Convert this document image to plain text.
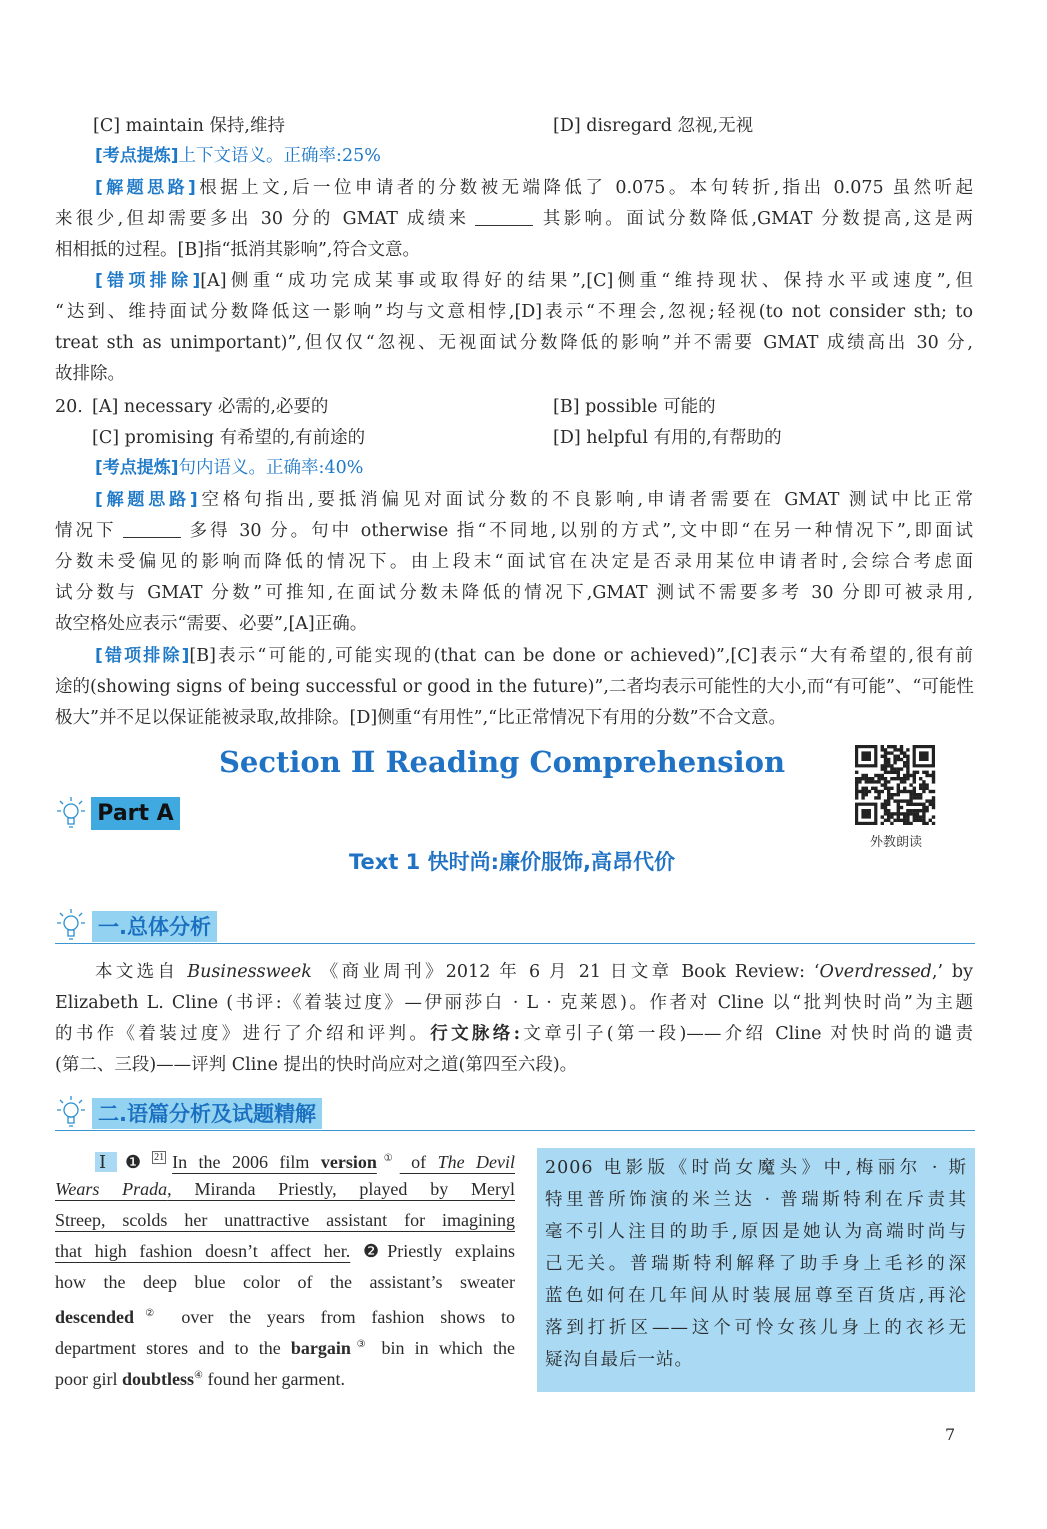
[C] maintain 保持,维持	[D] disregard 忽视,无视
[考点提炼]上下文语义。正确率:25%
[解题思路]根据上文,后一位申请者的分数被无端降低了 0.075。本句转折,指出 0.075 虽然听起
来很少,但却需要多出 30 分的 GMAT 成绩来	其影响。面试分数降低,GMAT 分数提高,这是两
相相抵的过程。[B]指“抵消其影响”,符合文意。
[错项排除][A]侧重“成功完成某事或取得好的结果”,[C]侧重“维持现状、保持水平或速度”,但
“达到、维持面试分数降低这一影响”均与文意相悖,[D]表示“不理会,忽视;轻视(to not consider sth; to
treat sth as unimportant)”,但仅仅“忽视、无视面试分数降低的影响”并不需要 GMAT 成绩高出 30 分,
故排除。
20. [A] necessary 必需的,必要的	[B] possible 可能的
[C] promising 有希望的,有前途的	[D] helpful 有用的,有帮助的
[考点提炼]句内语义。正确率:40%
[解题思路]空格句指出,要抵消偏见对面试分数的不良影响,申请者需要在 GMAT 测试中比正常
情况下	多得 30 分。句中 otherwise 指“不同地,以别的方式”,文中即“在另一种情况下”,即面试
分数未受偏见的影响而降低的情况下。由上段末“面试官在决定是否录用某位申请者时,会综合考虑面
试分数与 GMAT 分数”可推知,在面试分数未降低的情况下,GMAT 测试不需要多考 30 分即可被录用,
故空格处应表示“需要、必要”,[A]正确。
[错项排除][B]表示“可能的,可能实现的(that can be done or achieved)”,[C]表示“大有希望的,很有前
途的(showing signs of being successful or good in the future)”,二者均表示可能性的大小,而“有可能”、“可能性
极大”并不足以保证能被录取,故排除。[D]侧重“有用性”,“比正常情况下有用的分数”不合文意。
Section Ⅱ Reading Comprehension
外教朗读
Part A
Text 1 快时尚:廉价服饰,高昂代价
一.总体分析
本文选自 Businessweek 《商业周刊》2012 年 6 月 21 日文章 Book Review: ‘Overdressed,’ by
Elizabeth L. Cline (书评:《着装过度》—伊丽莎白 · L · 克莱恩)。作者对 Cline 以“批判快时尚”为主题
的书作《着装过度》进行了介绍和评判。行文脉络:文章引子(第一段)——介绍 Cline 对快时尚的谴责
(第二、三段)——评判 Cline 提出的快时尚应对之道(第四至六段)。
二.语篇分析及试题精解
Ⅰ ❶ 21 In the 2006 film version① of The Devil
Wears Prada, Miranda Priestly, played by Meryl
Streep, scolds her unattractive assistant for imagining
that high fashion doesn’t affect her. ❷Priestly explains
how the deep blue color of the assistant’s sweater
descended② over the years from fashion shows to
department stores and to the bargain③ bin in which the
poor girl doubtless④ found her garment.
2006 电影版《时尚女魔头》中,梅丽尔 · 斯
特里普所饰演的米兰达 · 普瑞斯特利在斥责其
毫不引人注目的助手,原因是她认为高端时尚与
己无关。普瑞斯特利解释了助手身上毛衫的深
蓝色如何在几年间从时装展屈尊至百货店,再沦
落到打折区——这个可怜女孩儿身上的衣衫无
疑沟自最后一站。
7
